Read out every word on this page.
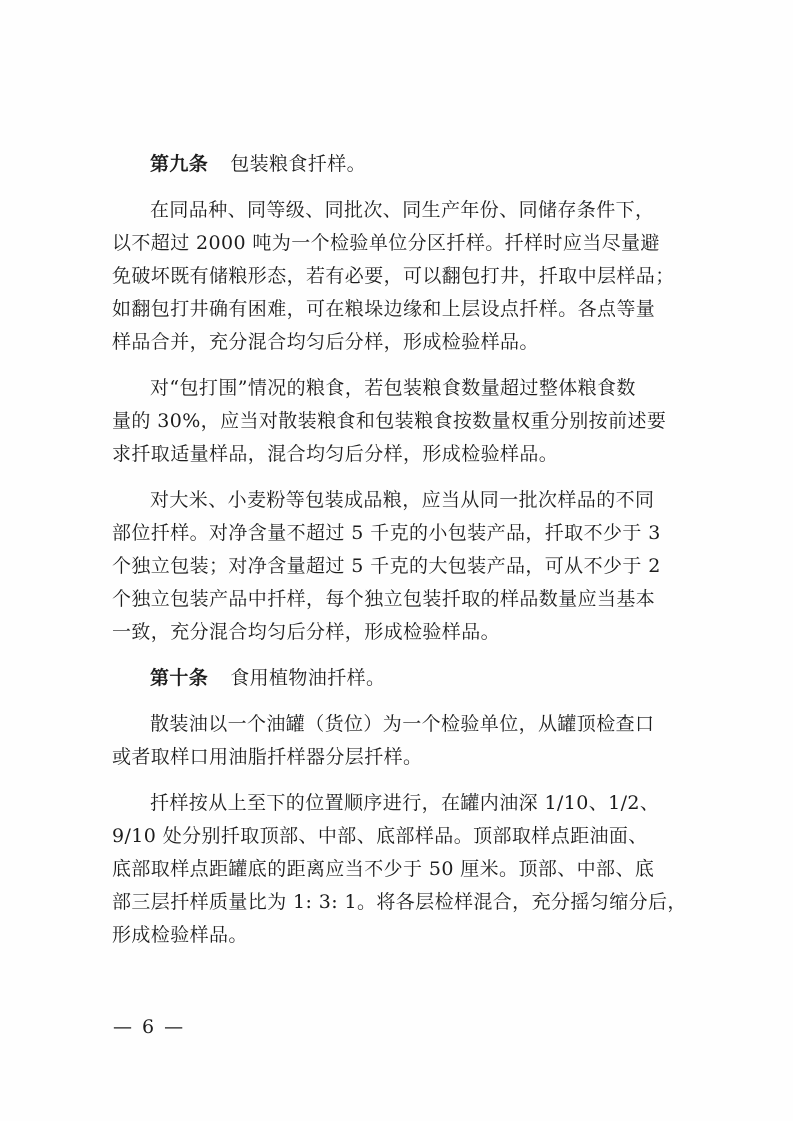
第九条 包装粮食扦样。
在同品种、同等级、同批次、同生产年份、同储存条件下，
以不超过 2000 吨为一个检验单位分区扦样。扦样时应当尽量避
免破坏既有储粮形态，若有必要，可以翻包打井，扦取中层样品；
如翻包打井确有困难，可在粮垛边缘和上层设点扦样。各点等量
样品合并，充分混合均匀后分样，形成检验样品。
对“包打围”情况的粮食，若包装粮食数量超过整体粮食数
量的 30%，应当对散装粮食和包装粮食按数量权重分别按前述要
求扦取适量样品，混合均匀后分样，形成检验样品。
对大米、小麦粉等包装成品粮，应当从同一批次样品的不同
部位扦样。对净含量不超过 5 千克的小包装产品，扦取不少于 3
个独立包装；对净含量超过 5 千克的大包装产品，可从不少于 2
个独立包装产品中扦样，每个独立包装扦取的样品数量应当基本
一致，充分混合均匀后分样，形成检验样品。
第十条 食用植物油扦样。
散装油以一个油罐（货位）为一个检验单位，从罐顶检查口
或者取样口用油脂扦样器分层扦样。
扦样按从上至下的位置顺序进行，在罐内油深 1/10、1/2、
9/10 处分别扦取顶部、中部、底部样品。顶部取样点距油面、
底部取样点距罐底的距离应当不少于 50 厘米。顶部、中部、底
部三层扦样质量比为 1: 3: 1。将各层检样混合，充分摇匀缩分后，
形成检验样品。
— 6 —
